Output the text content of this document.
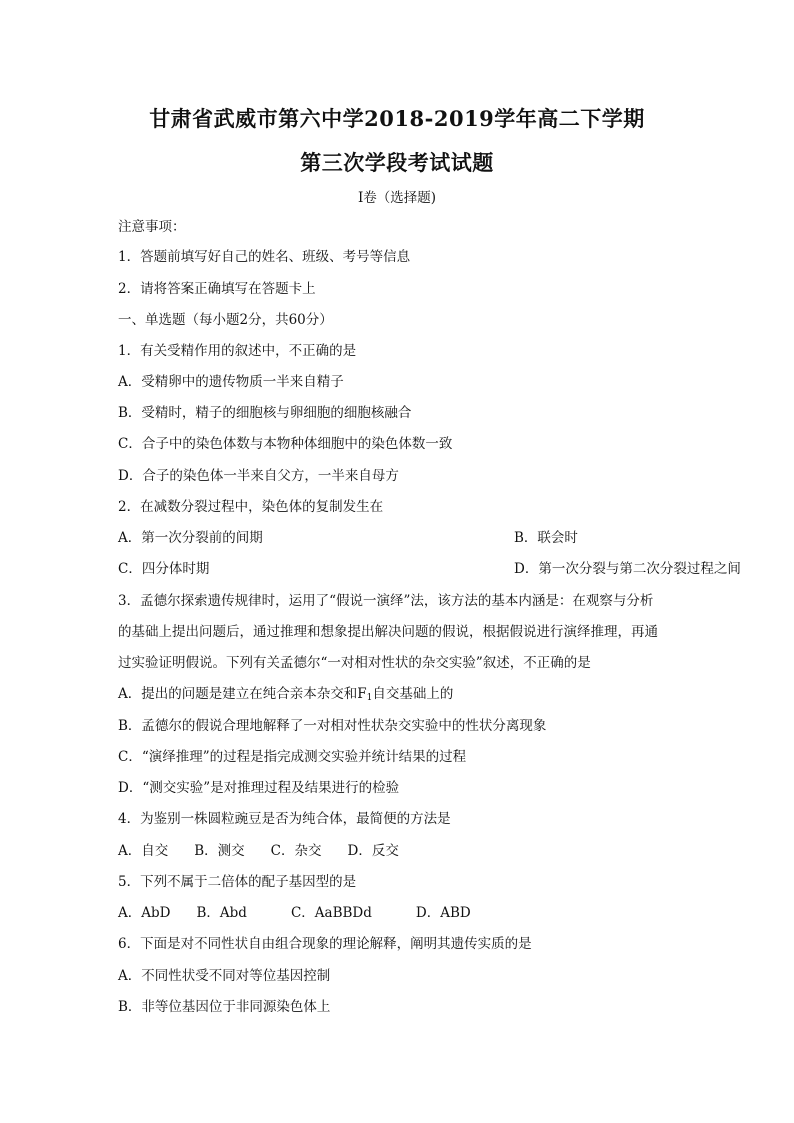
甘肃省武威市第六中学2018-2019学年高二下学期
第三次学段考试试题
I卷（选择题)
注意事项：
1．答题前填写好自己的姓名、班级、考号等信息
2．请将答案正确填写在答题卡上
一、单选题（每小题2分，共60分）
1．有关受精作用的叙述中，不正确的是
A．受精卵中的遗传物质一半来自精子
B．受精时，精子的细胞核与卵细胞的细胞核融合
C．合子中的染色体数与本物种体细胞中的染色体数一致
D．合子的染色体一半来自父方，一半来自母方
2．在减数分裂过程中，染色体的复制发生在
A．第一次分裂前的间期	B．联会时
C．四分体时期	D．第一次分裂与第二次分裂过程之间
3．孟德尔探索遗传规律时，运用了“假说一演绎”法，该方法的基本内涵是：在观察与分析
的基础上提出问题后，通过推理和想象提出解决问题的假说，根据假说进行演绎推理，再通
过实验证明假说。下列有关孟德尔“一对相对性状的杂交实验”叙述，不正确的是
A．提出的问题是建立在纯合亲本杂交和$F_1$自交基础上的
B．孟德尔的假说合理地解释了一对相对性状杂交实验中的性状分离现象
C．“演绎推理”的过程是指完成测交实验并统计结果的过程
D．“测交实验”是对推理过程及结果进行的检验
4．为鉴别一株圆粒豌豆是否为纯合体，最简便的方法是
A．自交 B．测交 C．杂交 D．反交
5．下列不属于二倍体的配子基因型的是
A．AbD B．Abd	C．AaBBDd	D．ABD
6．下面是对不同性状自由组合现象的理论解释，阐明其遗传实质的是
A．不同性状受不同对等位基因控制
B．非等位基因位于非同源染色体上
